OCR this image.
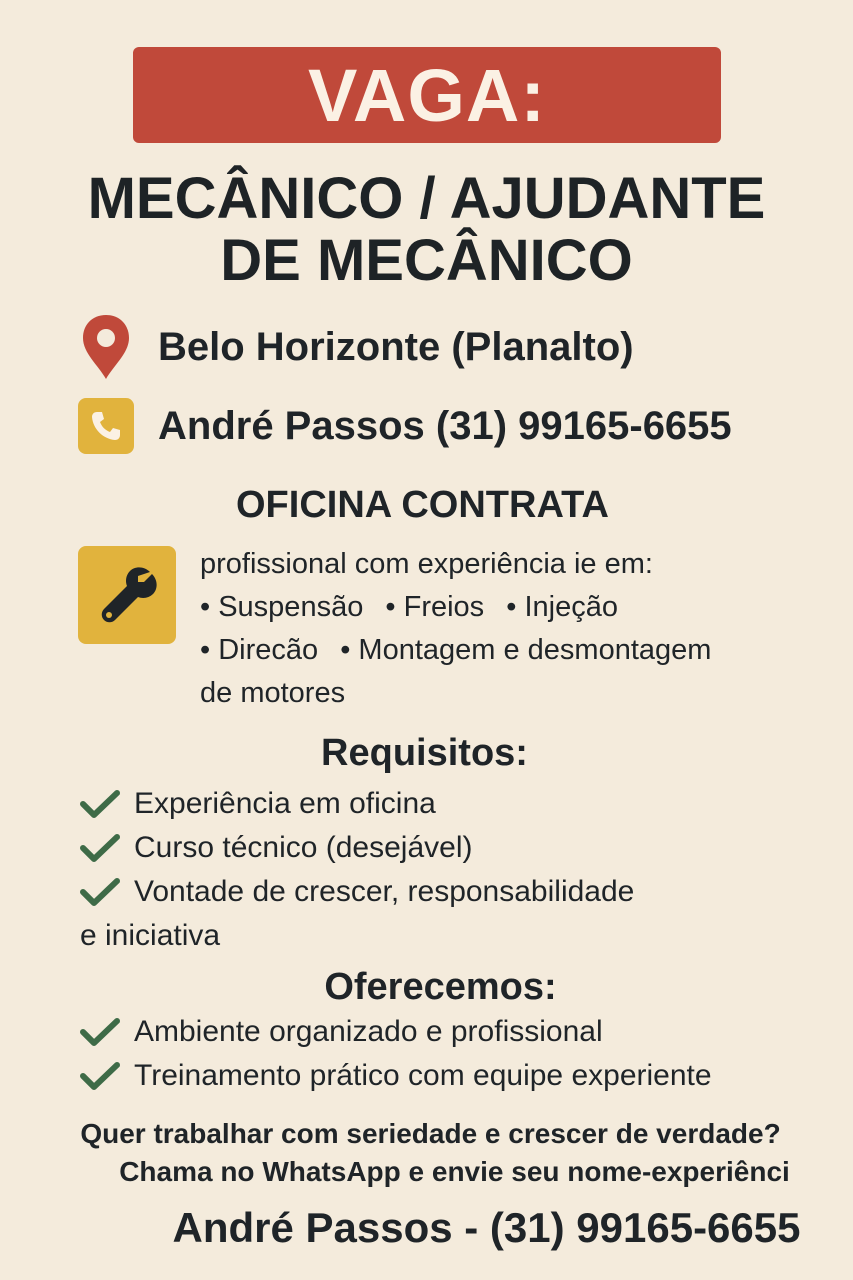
VAGA:
MECÂNICO / AJUDANTE
DE MECÂNICO
Belo Horizonte (Planalto)
André Passos (31) 99165-6655
OFICINA CONTRATA
profissional com experiência ie em:
• Suspensão • Freios • Injeção
• Direcão • Montagem e desmontagem
de motores
Requisitos:
Experiência em oficina
Curso técnico (desejável)
Vontade de crescer, responsabilidade
e iniciativa
Oferecemos:
Ambiente organizado e profissional
Treinamento prático com equipe experiente
Quer trabalhar com seriedade e crescer de verdade?
Chama no WhatsApp e envie seu nome-experiênci
André Passos - (31) 99165-6655
